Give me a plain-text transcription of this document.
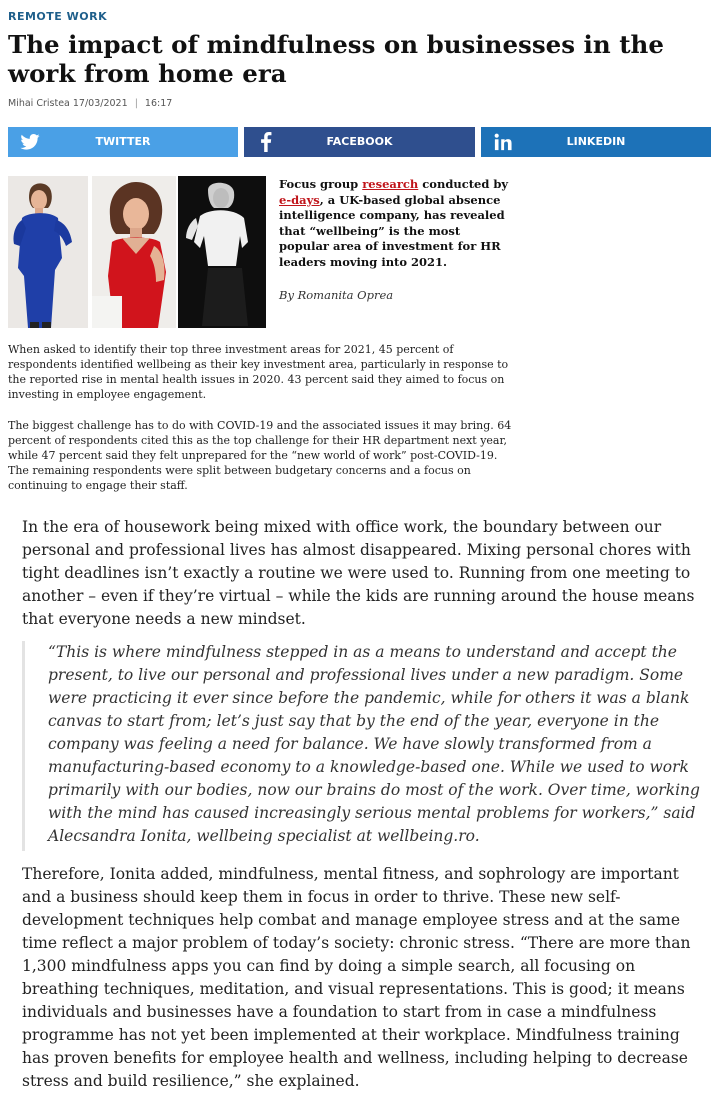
REMOTE WORK
The impact of mindfulness on businesses in the work from home era
Mihai Cristea 17/03/2021 | 16:17
TWITTER	FACEBOOK	LINKEDIN
Focus group research conducted by e-days, a UK-based global absence intelligence company, has revealed that “wellbeing” is the most popular area of investment for HR leaders moving into 2021.
By Romanita Oprea

When asked to identify their top three investment areas for 2021, 45 percent of respondents identified wellbeing as their key investment area, particularly in response to the reported rise in mental health issues in 2020. 43 percent said they aimed to focus on investing in employee engagement.

The biggest challenge has to do with COVID-19 and the associated issues it may bring. 64 percent of respondents cited this as the top challenge for their HR department next year, while 47 percent said they felt unprepared for the “new world of work” post-COVID-19. The remaining respondents were split between budgetary concerns and a focus on continuing to engage their staff.

In the era of housework being mixed with office work, the boundary between our personal and professional lives has almost disappeared. Mixing personal chores with tight deadlines isn’t exactly a routine we were used to. Running from one meeting to another – even if they’re virtual – while the kids are running around the house means that everyone needs a new mindset.

“This is where mindfulness stepped in as a means to understand and accept the present, to live our personal and professional lives under a new paradigm. Some were practicing it ever since before the pandemic, while for others it was a blank canvas to start from; let’s just say that by the end of the year, everyone in the company was feeling a need for balance. We have slowly transformed from a manufacturing-based economy to a knowledge-based one. While we used to work primarily with our bodies, now our brains do most of the work. Over time, working with the mind has caused increasingly serious mental problems for workers,” said Alecsandra Ionita, wellbeing specialist at wellbeing.ro.

Therefore, Ionita added, mindfulness, mental fitness, and sophrology are important and a business should keep them in focus in order to thrive. These new self-development techniques help combat and manage employee stress and at the same time reflect a major problem of today’s society: chronic stress. “There are more than 1,300 mindfulness apps you can find by doing a simple search, all focusing on breathing techniques, meditation, and visual representations. This is good; it means individuals and businesses have a foundation to start from in case a mindfulness programme has not yet been implemented at their workplace. Mindfulness training has proven benefits for employee health and wellness, including helping to decrease stress and build resilience,” she explained.
